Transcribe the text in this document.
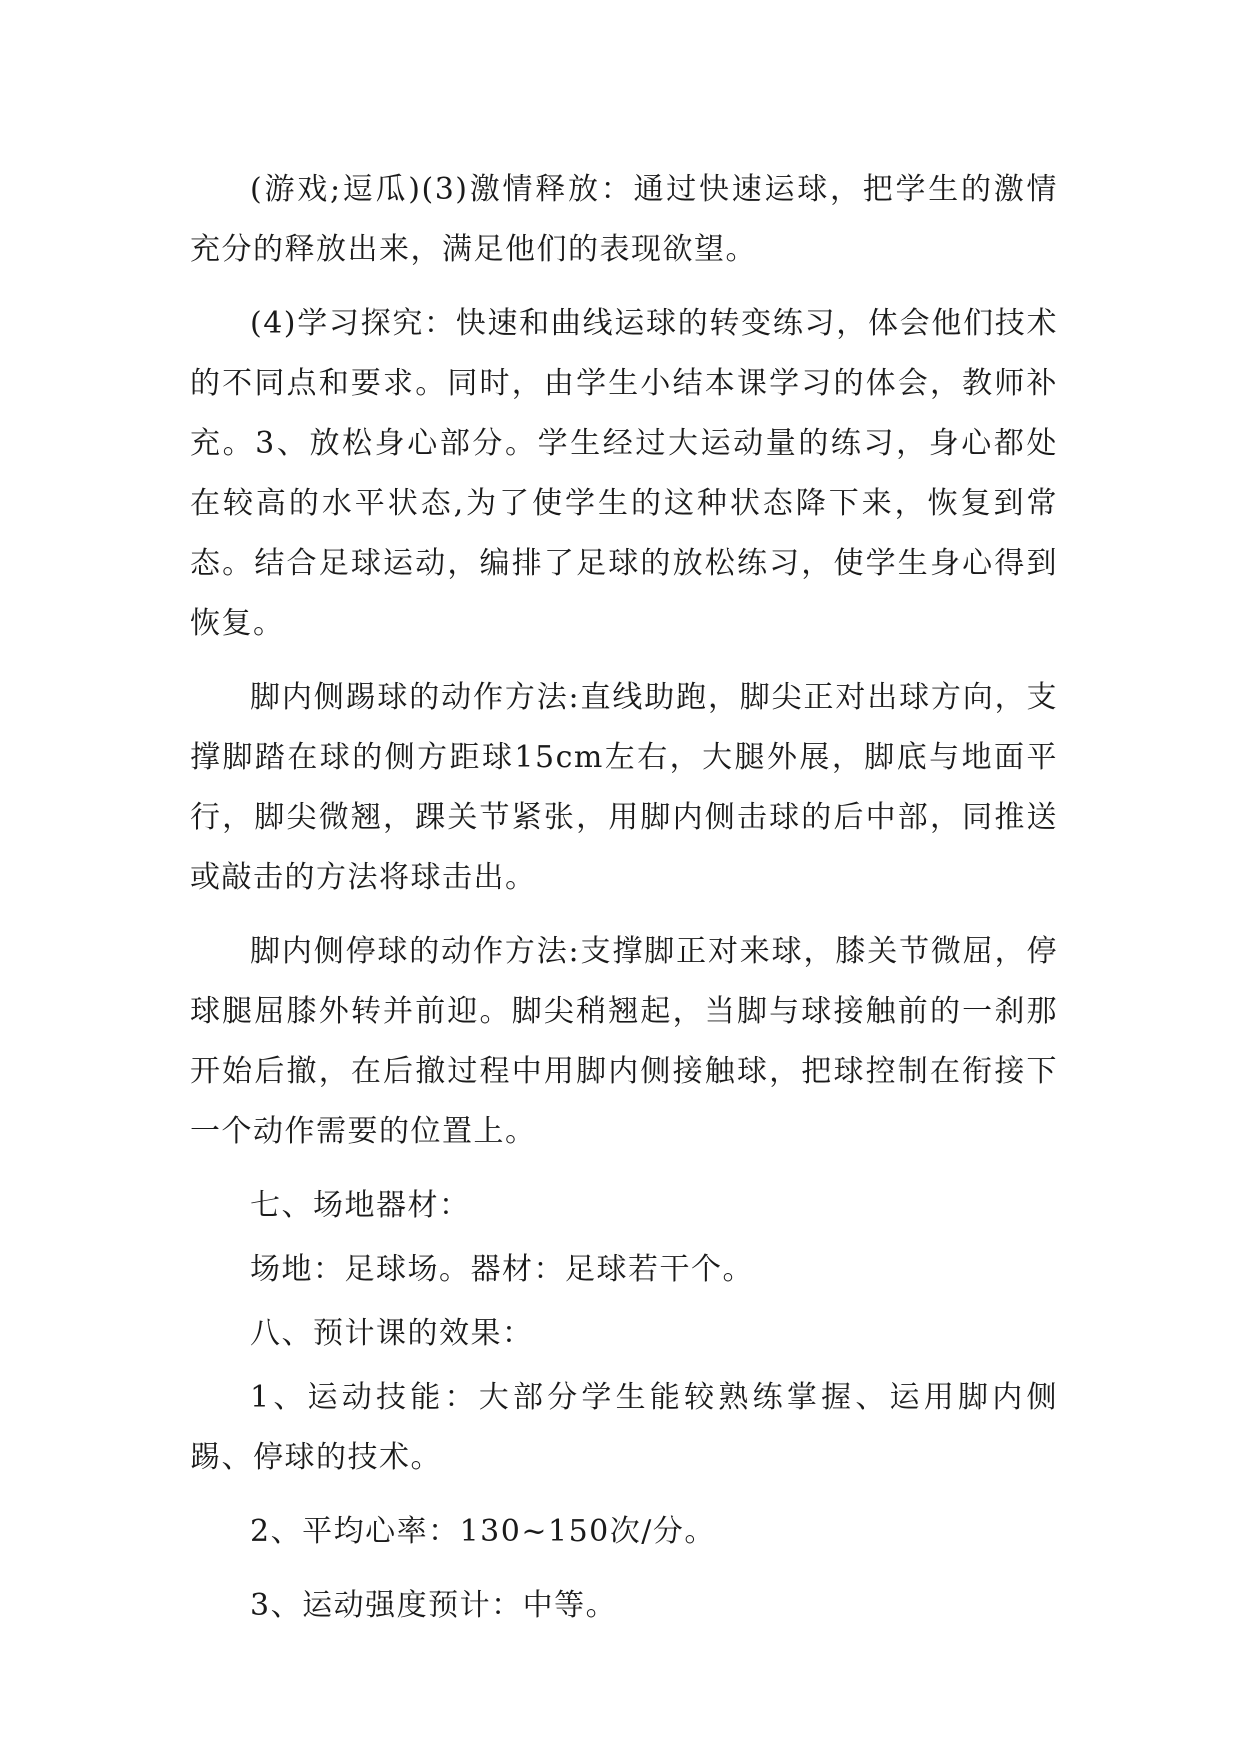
(游戏;逗瓜)(3)激情释放：通过快速运球，把学生的激情充分的释放出来，满足他们的表现欲望。

(4)学习探究：快速和曲线运球的转变练习，体会他们技术的不同点和要求。同时，由学生小结本课学习的体会，教师补充。3、放松身心部分。学生经过大运动量的练习，身心都处在较高的水平状态,为了使学生的这种状态降下来，恢复到常态。结合足球运动，编排了足球的放松练习，使学生身心得到恢复。

脚内侧踢球的动作方法:直线助跑，脚尖正对出球方向，支撑脚踏在球的侧方距球15cm左右，大腿外展，脚底与地面平行，脚尖微翘，踝关节紧张，用脚内侧击球的后中部，同推送或敲击的方法将球击出。

脚内侧停球的动作方法:支撑脚正对来球，膝关节微屈，停球腿屈膝外转并前迎。脚尖稍翘起，当脚与球接触前的一刹那开始后撤，在后撤过程中用脚内侧接触球，把球控制在衔接下一个动作需要的位置上。

七、场地器材：

场地：足球场。器材：足球若干个。

八、预计课的效果：

1、运动技能：大部分学生能较熟练掌握、运用脚内侧踢、停球的技术。

2、平均心率：130~150次/分。

3、运动强度预计：中等。
